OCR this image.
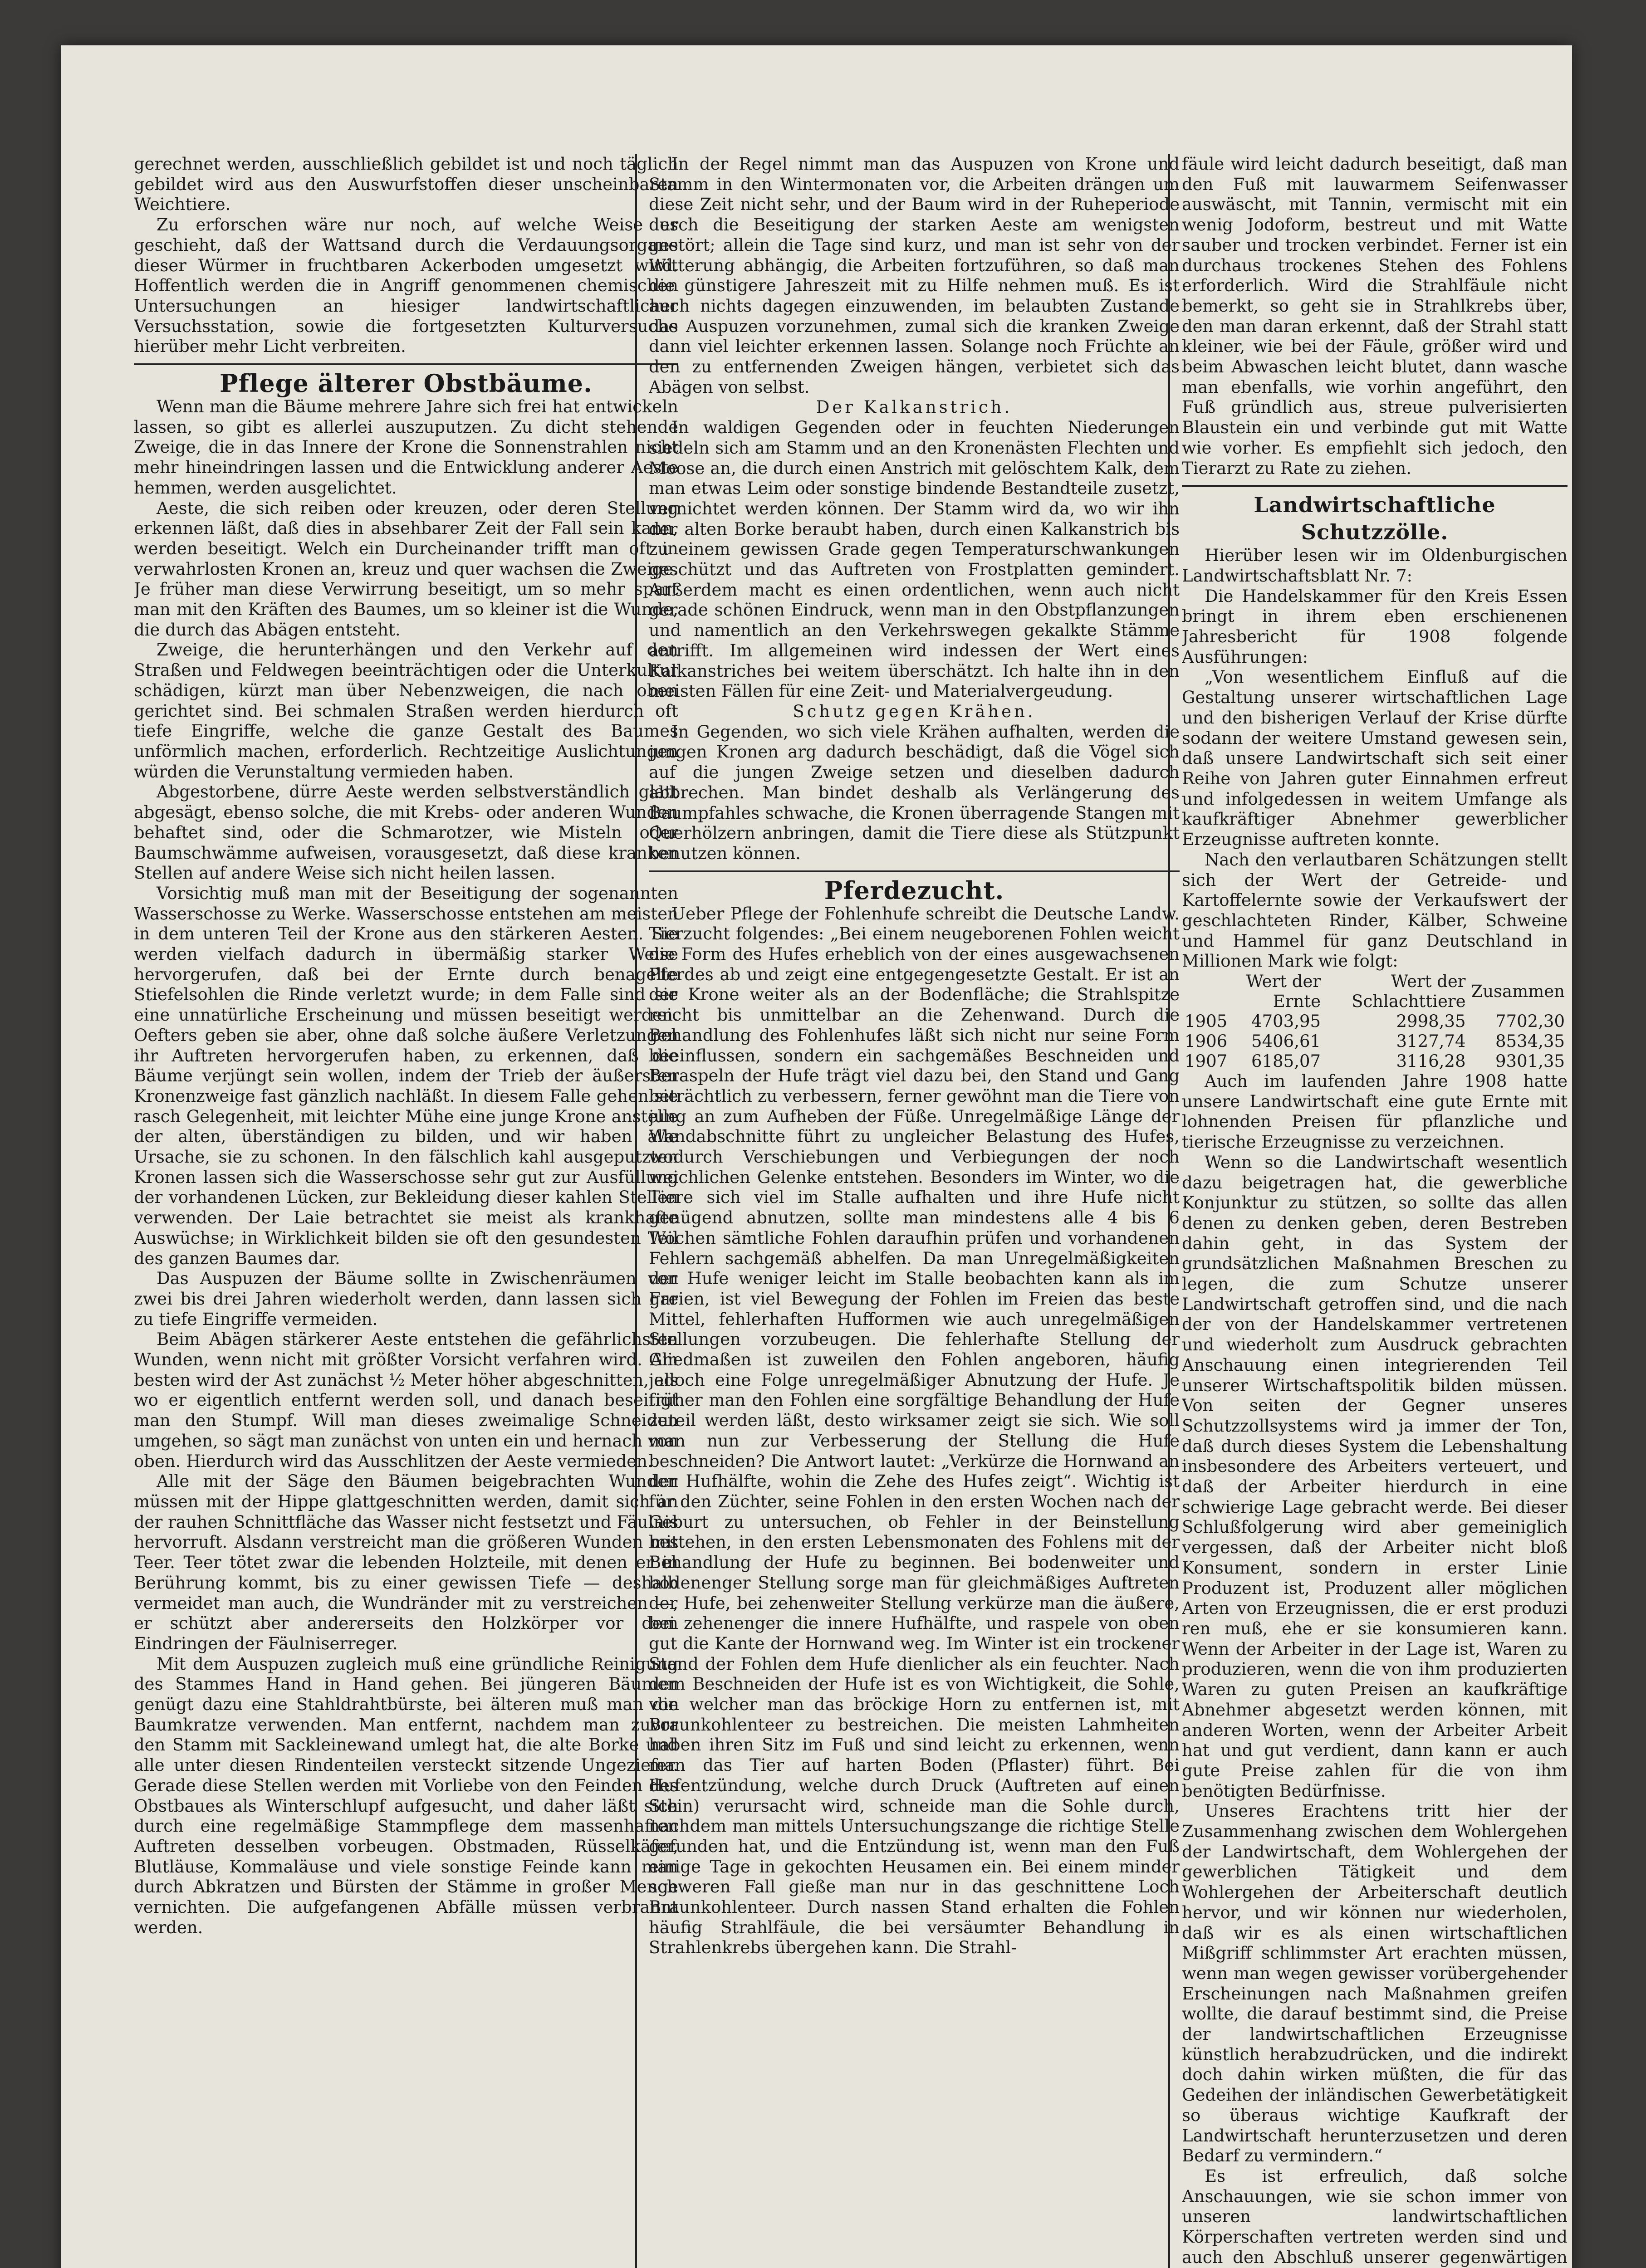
gerechnet werden, ausschließlich gebildet ist und noch täglich gebildet wird aus den Auswurfstoffen dieser unscheinbaren Weichtiere.

Zu erforschen wäre nur noch, auf welche Weise es geschieht, daß der Wattsand durch die Verdauungsorgane dieser Würmer in fruchtbaren Ackerboden umgesetzt wird. Hoffentlich werden die in Angriff genommenen chemischen Untersuchungen an hiesiger landwirtschaftlicher Versuchsstation, sowie die fortgesetzten Kulturversuche hierüber mehr Licht verbreiten.

Pflege älterer Obstbäume.

Wenn man die Bäume mehrere Jahre sich frei hat entwickeln lassen, so gibt es allerlei auszuputzen. Zu dicht stehende Zweige, die in das Innere der Krone die Sonnenstrahlen nicht mehr hineindringen lassen und die Entwicklung anderer Aeste hemmen, werden ausgelichtet.

Aeste, die sich reiben oder kreuzen, oder deren Stellung erkennen läßt, daß dies in absehbarer Zeit der Fall sein kann, werden beseitigt. Welch ein Durcheinander trifft man oft in verwahrlosten Kronen an, kreuz und quer wachsen die Zweige. Je früher man diese Verwirrung beseitigt, um so mehr spart man mit den Kräften des Baumes, um so kleiner ist die Wunde, die durch das Abägen entsteht.

Zweige, die herunterhängen und den Verkehr auf den Straßen und Feldwegen beeinträchtigen oder die Unterkultur schädigen, kürzt man über Nebenzweigen, die nach oben gerichtet sind. Bei schmalen Straßen werden hierdurch oft tiefe Eingriffe, welche die ganze Gestalt des Baumes unförmlich machen, erforderlich. Rechtzeitige Auslichtungen würden die Verunstaltung vermieden haben.

Abgestorbene, dürre Aeste werden selbstverständlich glatt abgesägt, ebenso solche, die mit Krebs- oder anderen Wunden behaftet sind, oder die Schmarotzer, wie Misteln oder Baumschwämme aufweisen, vorausgesetzt, daß diese kranken Stellen auf andere Weise sich nicht heilen lassen.

Vorsichtig muß man mit der Beseitigung der sogenannten Wasserschosse zu Werke. Wasserschosse entstehen am meisten in dem unteren Teil der Krone aus den stärkeren Aesten. Sie werden vielfach dadurch in übermäßig starker Weise hervorgerufen, daß bei der Ernte durch benagelte Stiefelsohlen die Rinde verletzt wurde; in dem Falle sind sie eine unnatürliche Erscheinung und müssen beseitigt werden. Oefters geben sie aber, ohne daß solche äußere Verletzungen ihr Auftreten hervorgerufen haben, zu erkennen, daß die Bäume verjüngt sein wollen, indem der Trieb der äußersten Kronenzweige fast gänzlich nachläßt. In diesem Falle gehen sie rasch Gelegenheit, mit leichter Mühe eine junge Krone anstelle der alten, überständigen zu bilden, und wir haben alle Ursache, sie zu schonen. In den fälschlich kahl ausgeputzten Kronen lassen sich die Wasserschosse sehr gut zur Ausfüllung der vorhandenen Lücken, zur Bekleidung dieser kahlen Stellen verwenden. Der Laie betrachtet sie meist als krankhafte Auswüchse; in Wirklichkeit bilden sie oft den gesundesten Teil des ganzen Baumes dar.

Das Auspuzen der Bäume sollte in Zwischenräumen von zwei bis drei Jahren wiederholt werden, dann lassen sich gar zu tiefe Eingriffe vermeiden.

Beim Abägen stärkerer Aeste entstehen die gefährlichsten Wunden, wenn nicht mit größter Vorsicht verfahren wird. Am besten wird der Ast zunächst ½ Meter höher abgeschnitten, als wo er eigentlich entfernt werden soll, und danach beseitigt man den Stumpf. Will man dieses zweimalige Schneiden umgehen, so sägt man zunächst von unten ein und hernach von oben. Hierdurch wird das Ausschlitzen der Aeste vermieden.

Alle mit der Säge den Bäumen beigebrachten Wunden müssen mit der Hippe glattgeschnitten werden, damit sich an der rauhen Schnittfläche das Wasser nicht festsetzt und Fäulnis hervorruft. Alsdann verstreicht man die größeren Wunden mit Teer. Teer tötet zwar die lebenden Holzteile, mit denen er in Berührung kommt, bis zu einer gewissen Tiefe — deshalb vermeidet man auch, die Wundränder mit zu verstreichen —, er schützt aber andererseits den Holzkörper vor dem Eindringen der Fäulniserreger.

Mit dem Auspuzen zugleich muß eine gründliche Reinigung des Stammes Hand in Hand gehen. Bei jüngeren Bäumen genügt dazu eine Stahldrahtbürste, bei älteren muß man die Baumkratze verwenden. Man entfernt, nachdem man zuvor den Stamm mit Sackleinewand umlegt hat, die alte Borke und alle unter diesen Rindenteilen versteckt sitzende Ungeziefer. Gerade diese Stellen werden mit Vorliebe von den Feinden des Obstbaues als Winterschlupf aufgesucht, und daher läßt sich durch eine regelmäßige Stammpflege dem massenhaften Auftreten desselben vorbeugen. Obstmaden, Rüsselkäfer, Blutläuse, Kommaläuse und viele sonstige Feinde kann man durch Abkratzen und Bürsten der Stämme in großer Menge vernichten. Die aufgefangenen Abfälle müssen verbrannt werden.

In der Regel nimmt man das Auspuzen von Krone und Stamm in den Wintermonaten vor, die Arbeiten drängen um diese Zeit nicht sehr, und der Baum wird in der Ruheperiode durch die Beseitigung der starken Aeste am wenigsten gestört; allein die Tage sind kurz, und man ist sehr von der Witterung abhängig, die Arbeiten fortzuführen, so daß man die günstigere Jahreszeit mit zu Hilfe nehmen muß. Es ist auch nichts dagegen einzuwenden, im belaubten Zustande das Auspuzen vorzunehmen, zumal sich die kranken Zweige dann viel leichter erkennen lassen. Solange noch Früchte an den zu entfernenden Zweigen hängen, verbietet sich das Abägen von selbst.

Der Kalkanstrich.

In waldigen Gegenden oder in feuchten Niederungen siedeln sich am Stamm und an den Kronenästen Flechten und Moose an, die durch einen Anstrich mit gelöschtem Kalk, dem man etwas Leim oder sonstige bindende Bestandteile zusetzt, vernichtet werden können. Der Stamm wird da, wo wir ihn der alten Borke beraubt haben, durch einen Kalkanstrich bis zu einem gewissen Grade gegen Temperaturschwankungen geschützt und das Auftreten von Frostplatten gemindert. Außerdem macht es einen ordentlichen, wenn auch nicht gerade schönen Eindruck, wenn man in den Obstpflanzungen und namentlich an den Verkehrswegen gekalkte Stämme antrifft. Im allgemeinen wird indessen der Wert eines Kalkanstriches bei weitem überschätzt. Ich halte ihn in den meisten Fällen für eine Zeit- und Materialvergeudung.

Schutz gegen Krähen.

In Gegenden, wo sich viele Krähen aufhalten, werden die jungen Kronen arg dadurch beschädigt, daß die Vögel sich auf die jungen Zweige setzen und dieselben dadurch abbrechen. Man bindet deshalb als Verlängerung des Baumpfahles schwache, die Kronen überragende Stangen mit Querhölzern anbringen, damit die Tiere diese als Stützpunkt benutzen können.

Pferdezucht.

Ueber Pflege der Fohlenhufe schreibt die Deutsche Landw. Tierzucht folgendes: „Bei einem neugeborenen Fohlen weicht die Form des Hufes erheblich von der eines ausgewachsenen Pferdes ab und zeigt eine entgegengesetzte Gestalt. Er ist an der Krone weiter als an der Bodenfläche; die Strahlspitze reicht bis unmittelbar an die Zehenwand. Durch die Behandlung des Fohlenhufes läßt sich nicht nur seine Form beeinflussen, sondern ein sachgemäßes Beschneiden und Beraspeln der Hufe trägt viel dazu bei, den Stand und Gang beträchtlich zu verbessern, ferner gewöhnt man die Tiere von jung an zum Aufheben der Füße. Unregelmäßige Länge der Wandabschnitte führt zu ungleicher Belastung des Hufes, wodurch Verschiebungen und Verbiegungen der noch weichlichen Gelenke entstehen. Besonders im Winter, wo die Tiere sich viel im Stalle aufhalten und ihre Hufe nicht genügend abnutzen, sollte man mindestens alle 4 bis 6 Wochen sämtliche Fohlen daraufhin prüfen und vorhandenen Fehlern sachgemäß abhelfen. Da man Unregelmäßigkeiten der Hufe weniger leicht im Stalle beobachten kann als im Freien, ist viel Bewegung der Fohlen im Freien das beste Mittel, fehlerhaften Hufformen wie auch unregelmäßigen Stellungen vorzubeugen. Die fehlerhafte Stellung der Gliedmaßen ist zuweilen den Fohlen angeboren, häufig jedoch eine Folge unregelmäßiger Abnutzung der Hufe. Je früher man den Fohlen eine sorgfältige Behandlung der Hufe zuteil werden läßt, desto wirksamer zeigt sie sich. Wie soll man nun zur Verbesserung der Stellung die Hufe beschneiden? Die Antwort lautet: „Verkürze die Hornwand an der Hufhälfte, wohin die Zehe des Hufes zeigt“. Wichtig ist für den Züchter, seine Fohlen in den ersten Wochen nach der Geburt zu untersuchen, ob Fehler in der Beinstellung bestehen, in den ersten Lebensmonaten des Fohlens mit der Behandlung der Hufe zu beginnen. Bei bodenweiter und bodenenger Stellung sorge man für gleichmäßiges Auftreten der Hufe, bei zehenweiter Stellung verkürze man die äußere, bei zehenenger die innere Hufhälfte, und raspele von oben gut die Kante der Hornwand weg. Im Winter ist ein trockener Stand der Fohlen dem Hufe dienlicher als ein feuchter. Nach dem Beschneiden der Hufe ist es von Wichtigkeit, die Sohle, von welcher man das bröckige Horn zu entfernen ist, mit Braunkohlenteer zu bestreichen. Die meisten Lahmheiten haben ihren Sitz im Fuß und sind leicht zu erkennen, wenn man das Tier auf harten Boden (Pflaster) führt. Bei Hufentzündung, welche durch Druck (Auftreten auf einen Stein) verursacht wird, schneide man die Sohle durch, nachdem man mittels Untersuchungszange die richtige Stelle gefunden hat, und die Entzündung ist, wenn man den Fuß einige Tage in gekochten Heusamen ein. Bei einem minder schweren Fall gieße man nur in das geschnittene Loch Braunkohlenteer. Durch nassen Stand erhalten die Fohlen häufig Strahlfäule, die bei versäumter Behandlung in Strahlenkrebs übergehen kann. Die Strahl-

fäule wird leicht dadurch beseitigt, daß man den Fuß mit lauwarmem Seifenwasser auswäscht, mit Tannin, vermischt mit ein wenig Jodoform, bestreut und mit Watte sauber und trocken verbindet. Ferner ist ein durchaus trockenes Stehen des Fohlens erforderlich. Wird die Strahlfäule nicht bemerkt, so geht sie in Strahlkrebs über, den man daran erkennt, daß der Strahl statt kleiner, wie bei der Fäule, größer wird und beim Abwaschen leicht blutet, dann wasche man ebenfalls, wie vorhin angeführt, den Fuß gründlich aus, streue pulverisierten Blaustein ein und verbinde gut mit Watte wie vorher. Es empfiehlt sich jedoch, den Tierarzt zu Rate zu ziehen.

Landwirtschaftliche Schutzzölle.

Hierüber lesen wir im Oldenburgischen Landwirtschaftsblatt Nr. 7:

Die Handelskammer für den Kreis Essen bringt in ihrem eben erschienenen Jahresbericht für 1908 folgende Ausführungen:

„Von wesentlichem Einfluß auf die Gestaltung unserer wirtschaftlichen Lage und den bisherigen Verlauf der Krise dürfte sodann der weitere Umstand gewesen sein, daß unsere Landwirtschaft sich seit einer Reihe von Jahren guter Einnahmen erfreut und infolgedessen in weitem Umfange als kaufkräftiger Abnehmer gewerblicher Erzeugnisse auftreten konnte.

Nach den verlautbaren Schätzungen stellt sich der Wert der Getreide- und Kartoffelernte sowie der Verkaufswert der geschlachteten Rinder, Kälber, Schweine und Hammel für ganz Deutschland in Millionen Mark wie folgt:

	Wert der Ernte	Wert der Schlachttiere	Zusammen
1905	4703,95	2998,35	7702,30
1906	5406,61	3127,74	8534,35
1907	6185,07	3116,28	9301,35

Auch im laufenden Jahre 1908 hatte unsere Landwirtschaft eine gute Ernte mit lohnenden Preisen für pflanzliche und tierische Erzeugnisse zu verzeichnen.

Wenn so die Landwirtschaft wesentlich dazu beigetragen hat, die gewerbliche Konjunktur zu stützen, so sollte das allen denen zu denken geben, deren Bestreben dahin geht, in das System der grundsätzlichen Maßnahmen Breschen zu legen, die zum Schutze unserer Landwirtschaft getroffen sind, und die nach der von der Handelskammer vertretenen und wiederholt zum Ausdruck gebrachten Anschauung einen integrierenden Teil unserer Wirtschaftspolitik bilden müssen. Von seiten der Gegner unseres Schutzzollsystems wird ja immer der Ton, daß durch dieses System die Lebenshaltung insbesondere des Arbeiters verteuert, und daß der Arbeiter hierdurch in eine schwierige Lage gebracht werde. Bei dieser Schlußfolgerung wird aber gemeiniglich vergessen, daß der Arbeiter nicht bloß Konsument, sondern in erster Linie Produzent ist, Produzent aller möglichen Arten von Erzeugnissen, die er erst produzi ren muß, ehe er sie konsumieren kann. Wenn der Arbeiter in der Lage ist, Waren zu produzieren, wenn die von ihm produzierten Waren zu guten Preisen an kaufkräftige Abnehmer abgesetzt werden können, mit anderen Worten, wenn der Arbeiter Arbeit hat und gut verdient, dann kann er auch gute Preise zahlen für die von ihm benötigten Bedürfnisse.

Unseres Erachtens tritt hier der Zusammenhang zwischen dem Wohlergehen der Landwirtschaft, dem Wohlergehen der gewerblichen Tätigkeit und dem Wohlergehen der Arbeiterschaft deutlich hervor, und wir können nur wiederholen, daß wir es als einen wirtschaftlichen Mißgriff schlimmster Art erachten müssen, wenn man wegen gewisser vorübergehender Erscheinungen nach Maßnahmen greifen wollte, die darauf bestimmt sind, die Preise der landwirtschaftlichen Erzeugnisse künstlich herabzudrücken, und die indirekt doch dahin wirken müßten, die für das Gedeihen der inländischen Gewerbetätigkeit so überaus wichtige Kaufkraft der Landwirtschaft herunterzusetzen und deren Bedarf zu vermindern.“

Es ist erfreulich, daß solche Anschauungen, wie sie schon immer von unseren landwirtschaftlichen Körperschaften vertreten werden sind und auch den Abschluß unserer gegenwärtigen
